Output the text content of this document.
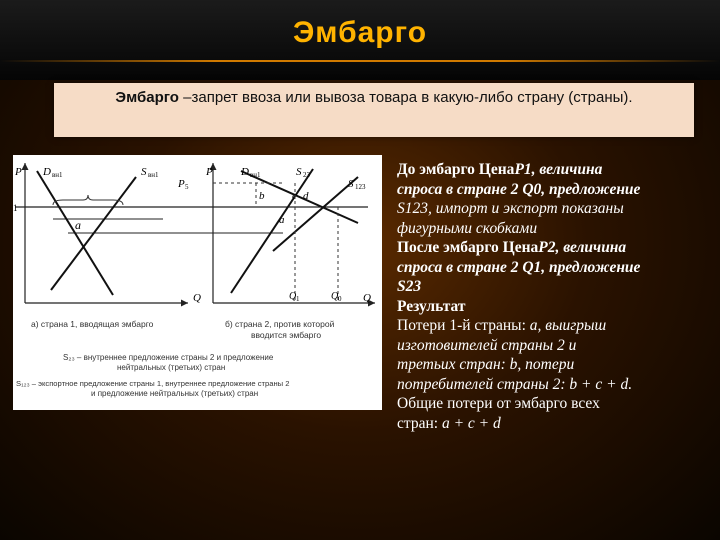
Эмбарго
Эмбарго –запрет ввоза или вывоза товара в какую-либо страну (страны).
P
1
D вн1	S вн1
a
Q
P 5
P	D вн1	S 23
S 123
b	c d
a
Q
Q 1	Q 0
a) страна 1, вводящая эмбарго	б) страна 2, против которой
вводится эмбарго
S₂₃ – внутреннее предложение страны 2 и предложение
нейтральных (третьих) стран
S₁₂₃ – экспортное предложение страны 1, внутреннее предложение страны 2
и предложение нейтральных (третьих) стран

До эмбарго ЦенаP1, величина

спроса в стране 2 Q0, предложение

S123, импорт и экспорт показаны

фигурными скобками

После эмбарго ЦенаP2, величина

спроса в стране 2 Q1, предложение

S23

Результат

Потери 1-й страны: a, выигрыш

изготовителей страны 2 и

третьих стран: b, потери

потребителей страны 2: b + c + d.

Общие потери от эмбарго всех

стран: a + c + d
